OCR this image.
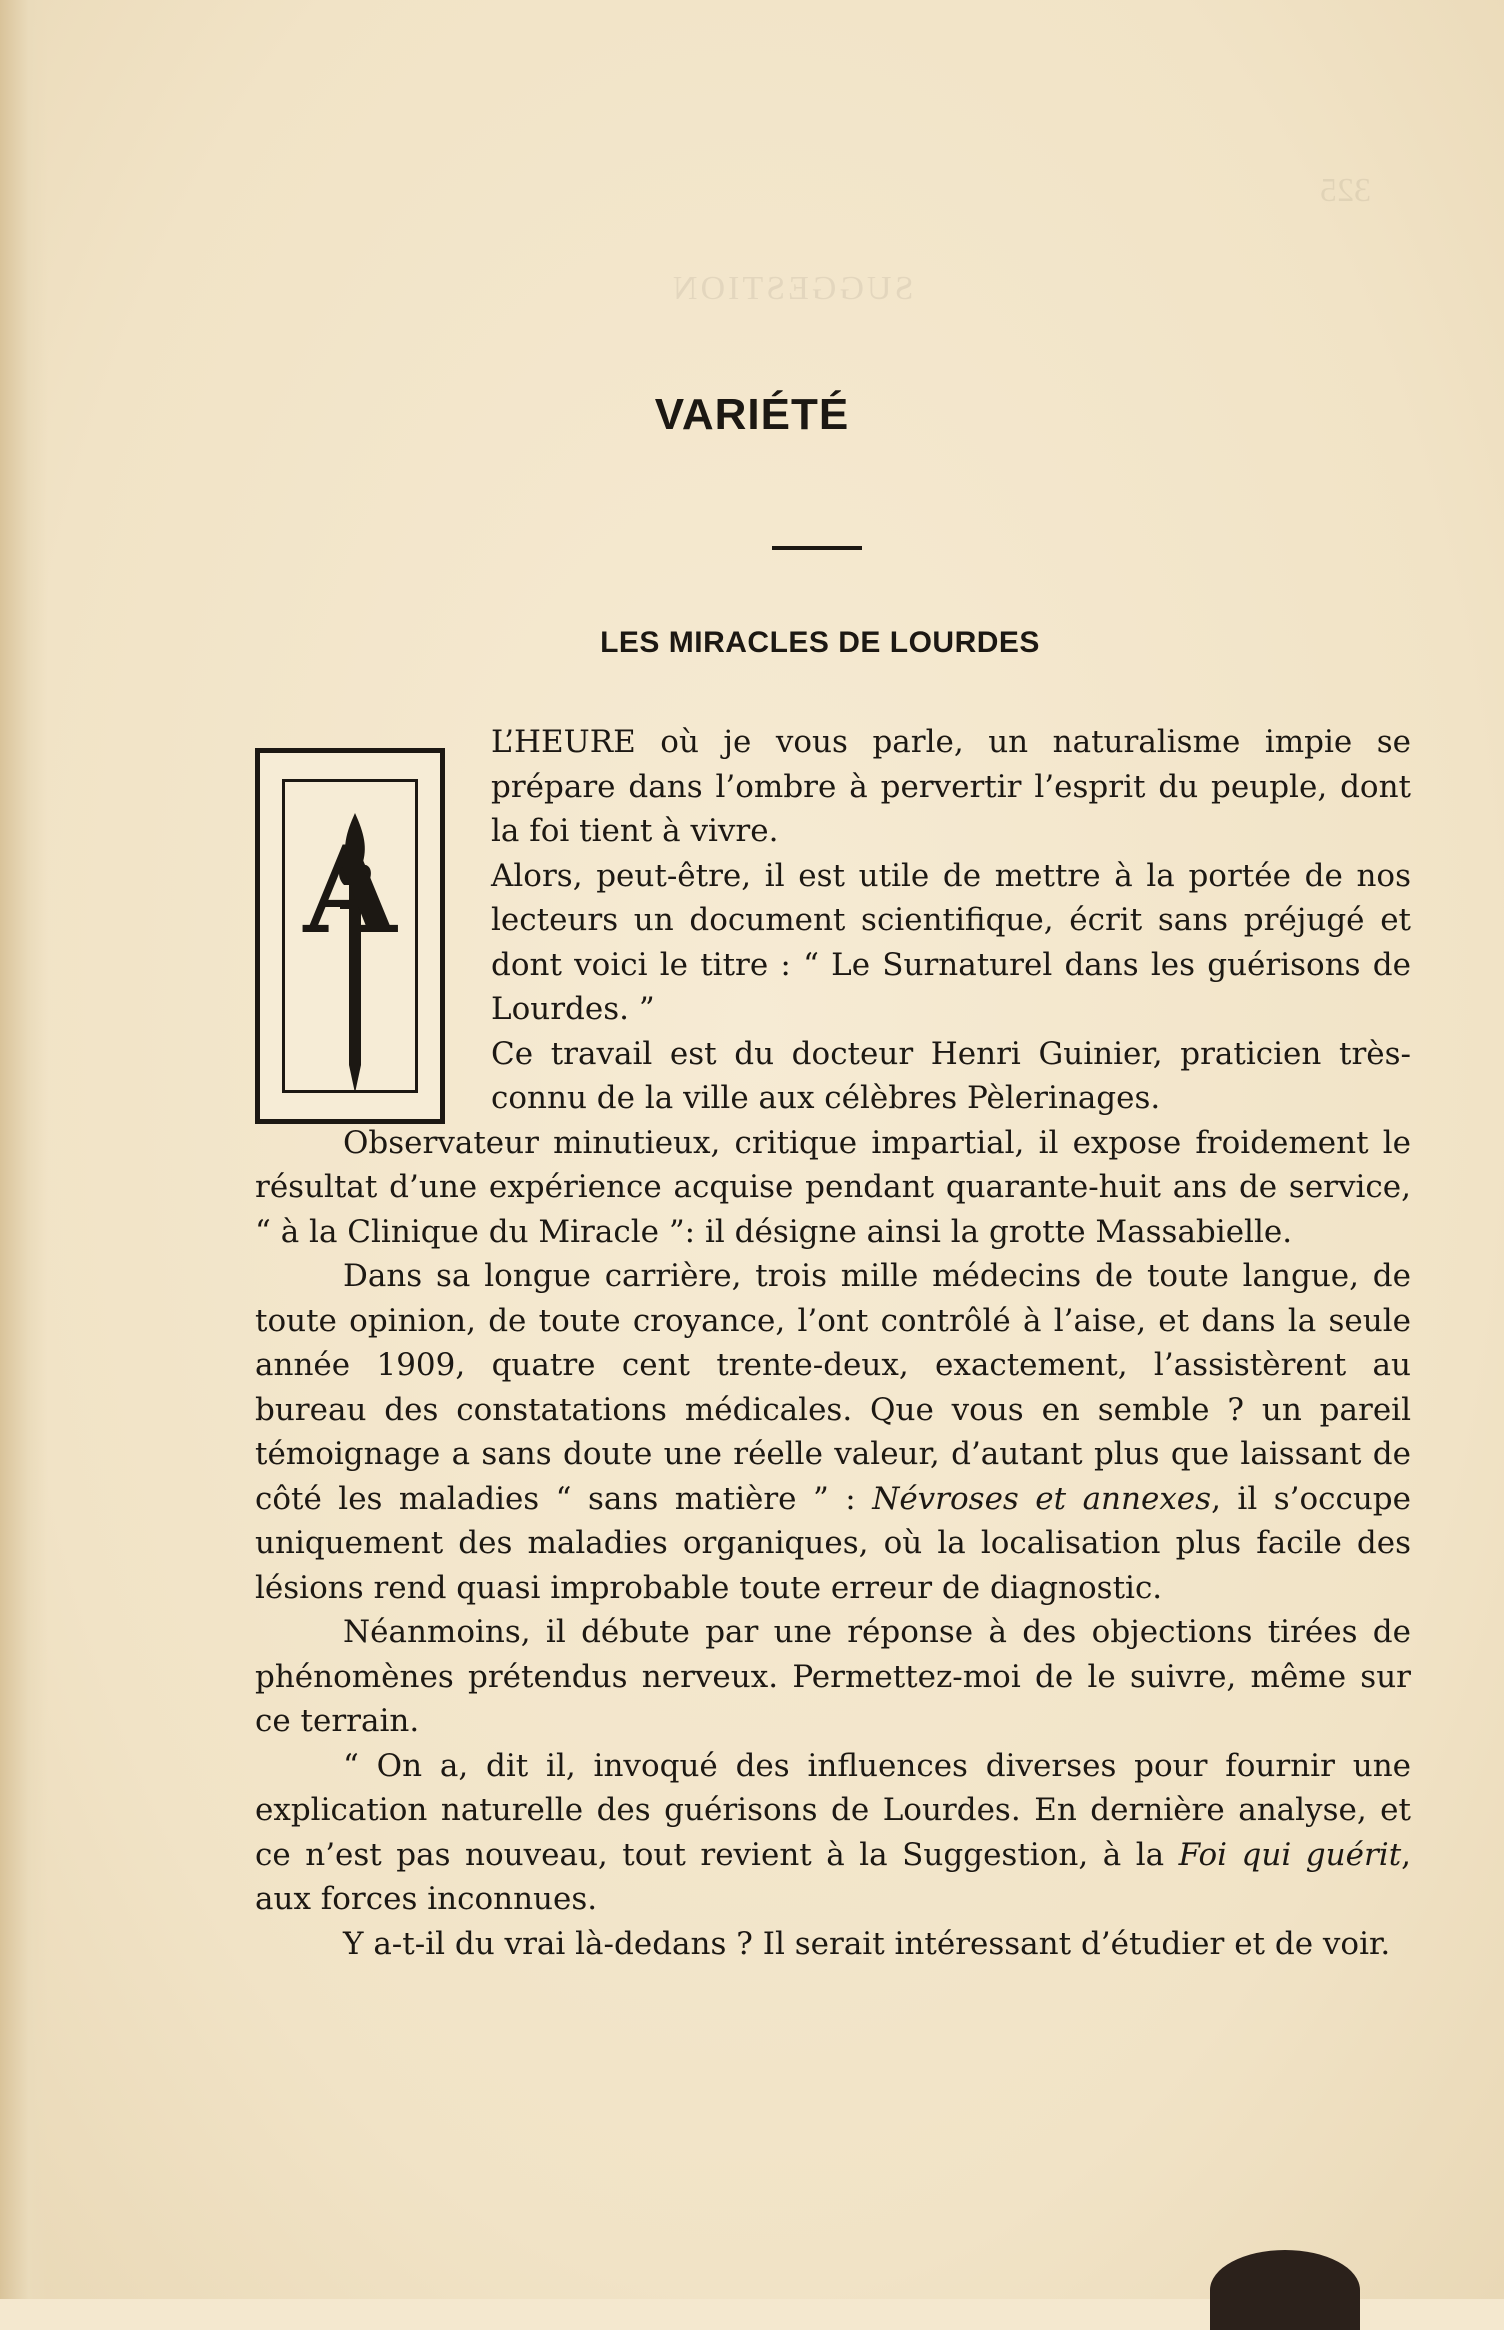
325
SUGGESTION
VARIÉTÉ
LES MIRACLES DE LOURDES
A

L’HEURE où je vous parle, un naturalisme impie se prépare dans l’ombre à pervertir l’esprit du peuple, dont la foi tient à vivre.

Alors, peut-être, il est utile de mettre à la portée de nos lecteurs un document scientifique, écrit sans préjugé et dont voici le titre : “ Le Surnaturel dans les guérisons de Lourdes. ”

Ce travail est du docteur Henri Guinier, praticien très-connu de la ville aux célèbres Pèlerinages.

Observateur minutieux, critique impartial, il expose froidement le résultat d’une expérience acquise pendant quarante-huit ans de service, “ à la Clinique du Miracle ”: il désigne ainsi la grotte Massabielle.

Dans sa longue carrière, trois mille médecins de toute langue, de toute opinion, de toute croyance, l’ont contrôlé à l’aise, et dans la seule année 1909, quatre cent trente-deux, exactement, l’assistèrent au bureau des constatations médicales. Que vous en semble ? un pareil témoignage a sans doute une réelle valeur, d’autant plus que laissant de côté les maladies “ sans matière ” : Névroses et annexes, il s’occupe uniquement des maladies organiques, où la localisation plus facile des lésions rend quasi improbable toute erreur de diagnostic.

Néanmoins, il débute par une réponse à des objections tirées de phénomènes prétendus nerveux. Permettez-moi de le suivre, même sur ce terrain.

“ On a, dit il, invoqué des influences diverses pour fournir une explication naturelle des guérisons de Lourdes. En dernière analyse, et ce n’est pas nouveau, tout revient à la Suggestion, à la Foi qui guérit, aux forces inconnues.

Y a-t-il du vrai là-dedans ? Il serait intéressant d’étudier et de voir.
